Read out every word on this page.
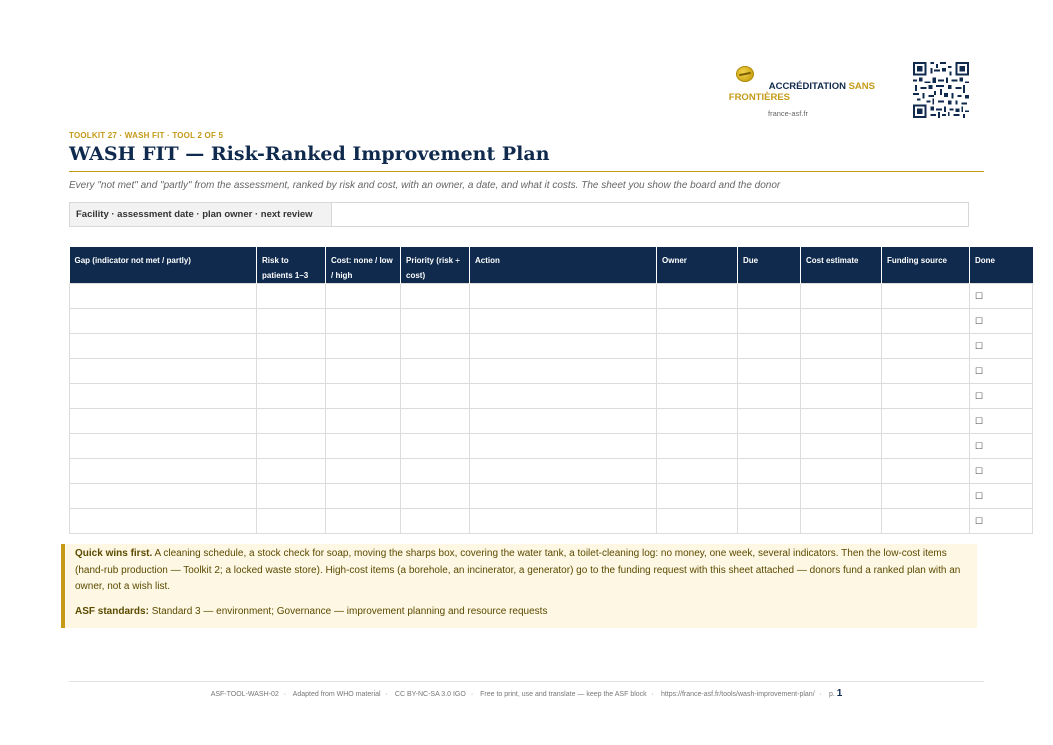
ACCRÉDITATION SANS
FRONTIÈRES
france-asf.fr
TOOLKIT 27 · WASH FIT · TOOL 2 OF 5
WASH FIT — Risk-Ranked Improvement Plan
Every "not met" and "partly" from the assessment, ranked by risk and cost, with an owner, a date, and what it costs. The sheet you show the board and the donor
Facility · assessment date · plan owner · next review
Gap (indicator not met / partly)	Risk to patients 1–3	Cost: none / low / high	Priority (risk ÷ cost)	Action	Owner	Due	Cost estimate	Funding source	Done
									☐
									☐
									☐
									☐
									☐
									☐
									☐
									☐
									☐
									☐

Quick wins first. A cleaning schedule, a stock check for soap, moving the sharps box, covering the water tank, a toilet-cleaning log: no money, one week, several indicators. Then the low-cost items (hand-rub production — Toolkit 2; a locked waste store). High-cost items (a borehole, an incinerator, a generator) go to the funding request with this sheet attached — donors fund a ranked plan with an owner, not a wish list.

ASF standards: Standard 3 — environment; Governance — improvement planning and resource requests

ASF-TOOL-WASH-02 · Adapted from WHO material · CC BY-NC-SA 3.0 IGO · Free to print, use and translate — keep the ASF block · https://france-asf.fr/tools/wash-improvement-plan/ · p. 1
